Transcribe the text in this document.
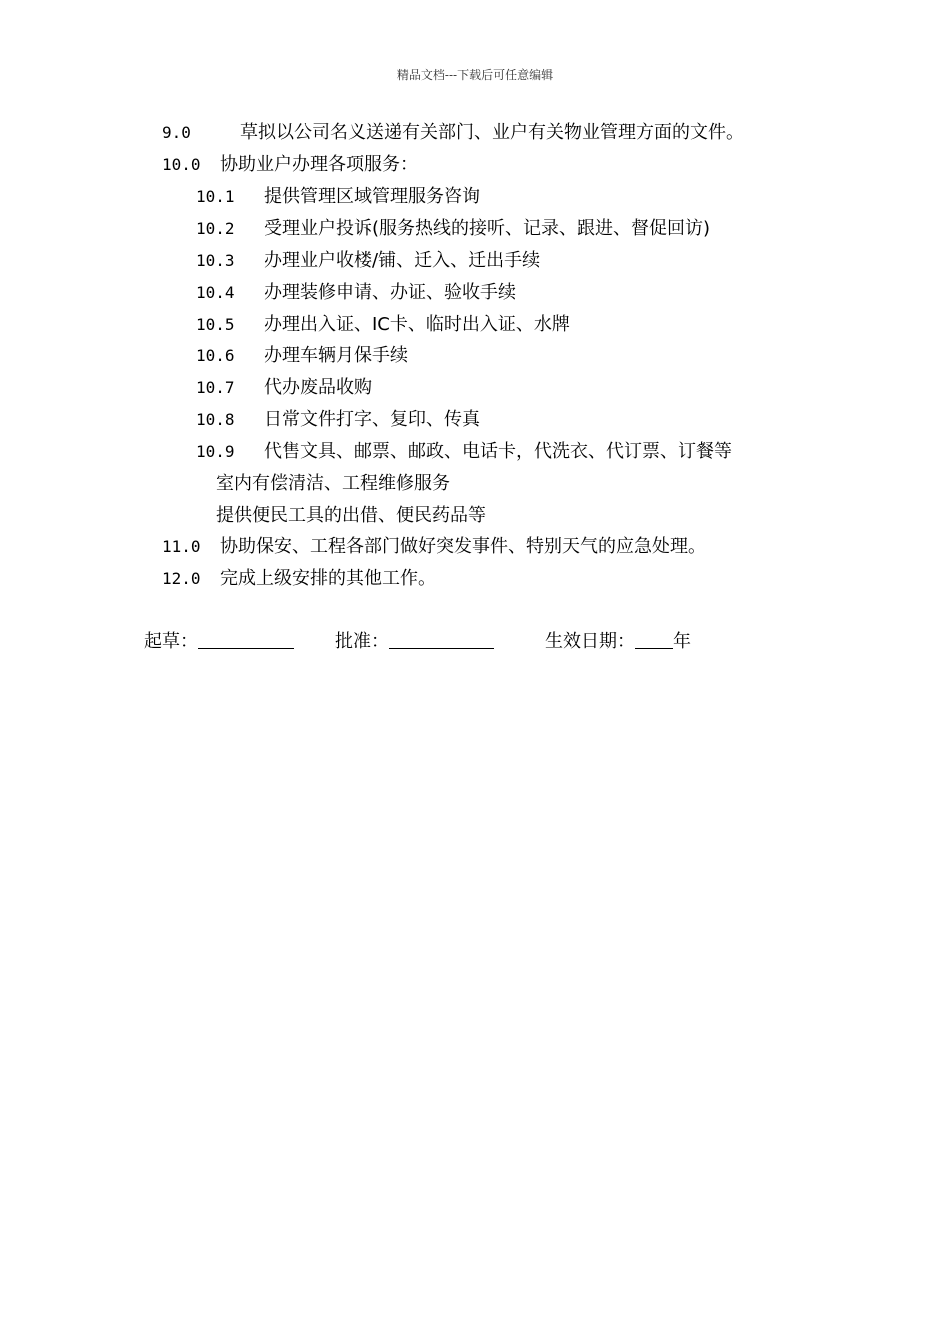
精品文档---下载后可任意编辑
9.0	草拟以公司名义送递有关部门、业户有关物业管理方面的文件。
10.0 协助业户办理各项服务：
10.1 提供管理区域管理服务咨询
10.2 受理业户投诉(服务热线的接听、记录、跟进、督促回访)
10.3 办理业户收楼/铺、迁入、迁出手续
10.4 办理装修申请、办证、验收手续
10.5 办理出入证、IC卡、临时出入证、水牌
10.6 办理车辆月保手续
10.7 代办废品收购
10.8 日常文件打字、复印、传真
10.9 代售文具、邮票、邮政、电话卡，代洗衣、代订票、订餐等
室内有偿清洁、工程维修服务
提供便民工具的出借、便民药品等
11.0 协助保安、工程各部门做好突发事件、特别天气的应急处理。
12.0 完成上级安排的其他工作。
起草：	批准：	生效日期： 年
